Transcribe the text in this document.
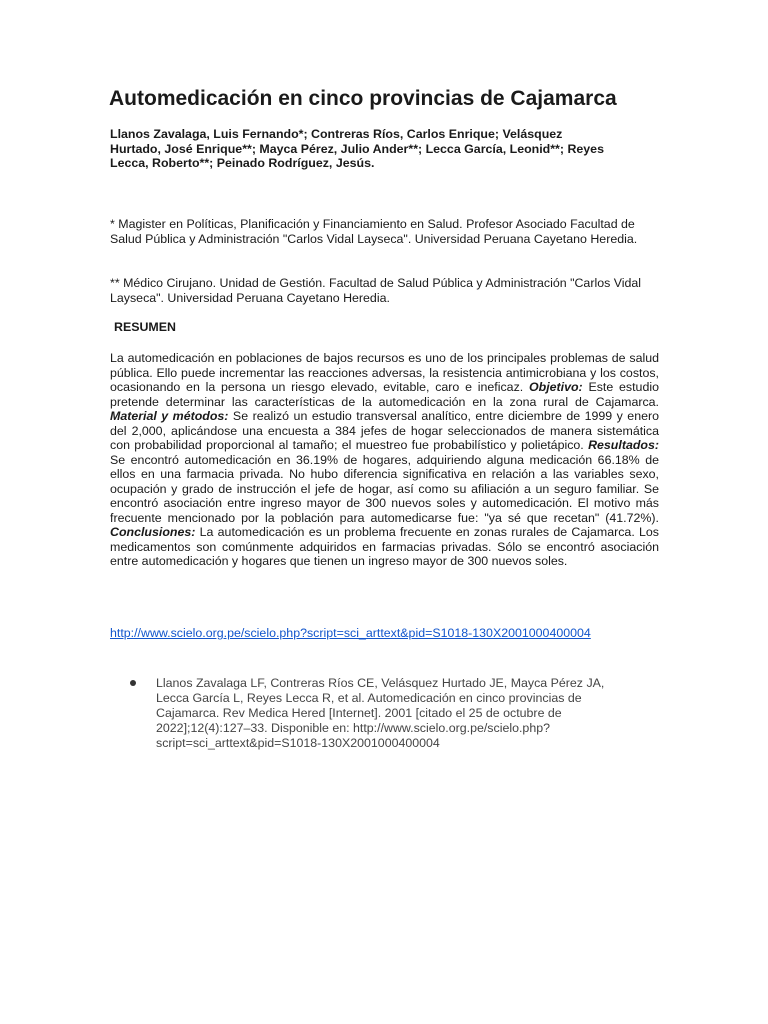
Automedicación en cinco provincias de Cajamarca

Llanos Zavalaga, Luis Fernando*; Contreras Ríos, Carlos Enrique; Velásquez Hurtado, José Enrique**; Mayca Pérez, Julio Ander**; Lecca García, Leonid**; Reyes Lecca, Roberto**; Peinado Rodríguez, Jesús.

* Magister en Políticas, Planificación y Financiamiento en Salud. Profesor Asociado Facultad de Salud Pública y Administración "Carlos Vidal Layseca". Universidad Peruana Cayetano Heredia.

** Médico Cirujano. Unidad de Gestión. Facultad de Salud Pública y Administración "Carlos Vidal Layseca". Universidad Peruana Cayetano Heredia.

RESUMEN

La automedicación en poblaciones de bajos recursos es uno de los principales problemas de salud pública. Ello puede incrementar las reacciones adversas, la resistencia antimicrobiana y los costos, ocasionando en la persona un riesgo elevado, evitable, caro e ineficaz. Objetivo: Este estudio pretende determinar las características de la automedicación en la zona rural de Cajamarca. Material y métodos: Se realizó un estudio transversal analítico, entre diciembre de 1999 y enero del 2,000, aplicándose una encuesta a 384 jefes de hogar seleccionados de manera sistemática con probabilidad proporcional al tamaño; el muestreo fue probabilístico y polietápico. Resultados: Se encontró automedicación en 36.19% de hogares, adquiriendo alguna medicación 66.18% de ellos en una farmacia privada. No hubo diferencia significativa en relación a las variables sexo, ocupación y grado de instrucción el jefe de hogar, así como su afiliación a un seguro familiar. Se encontró asociación entre ingreso mayor de 300 nuevos soles y automedicación. El motivo más frecuente mencionado por la población para automedicarse fue: "ya sé que recetan" (41.72%). Conclusiones: La automedicación es un problema frecuente en zonas rurales de Cajamarca. Los medicamentos son comúnmente adquiridos en farmacias privadas. Sólo se encontró asociación entre automedicación y hogares que tienen un ingreso mayor de 300 nuevos soles.

http://www.scielo.org.pe/scielo.php?script=sci_arttext&pid=S1018-130X2001000400004

Llanos Zavalaga LF, Contreras Ríos CE, Velásquez Hurtado JE, Mayca Pérez JA, Lecca García L, Reyes Lecca R, et al. Automedicación en cinco provincias de Cajamarca. Rev Medica Hered [Internet]. 2001 [citado el 25 de octubre de 2022];12(4):127–33. Disponible en: http://www.scielo.org.pe/scielo.php?script=sci_arttext&pid=S1018-130X2001000400004
